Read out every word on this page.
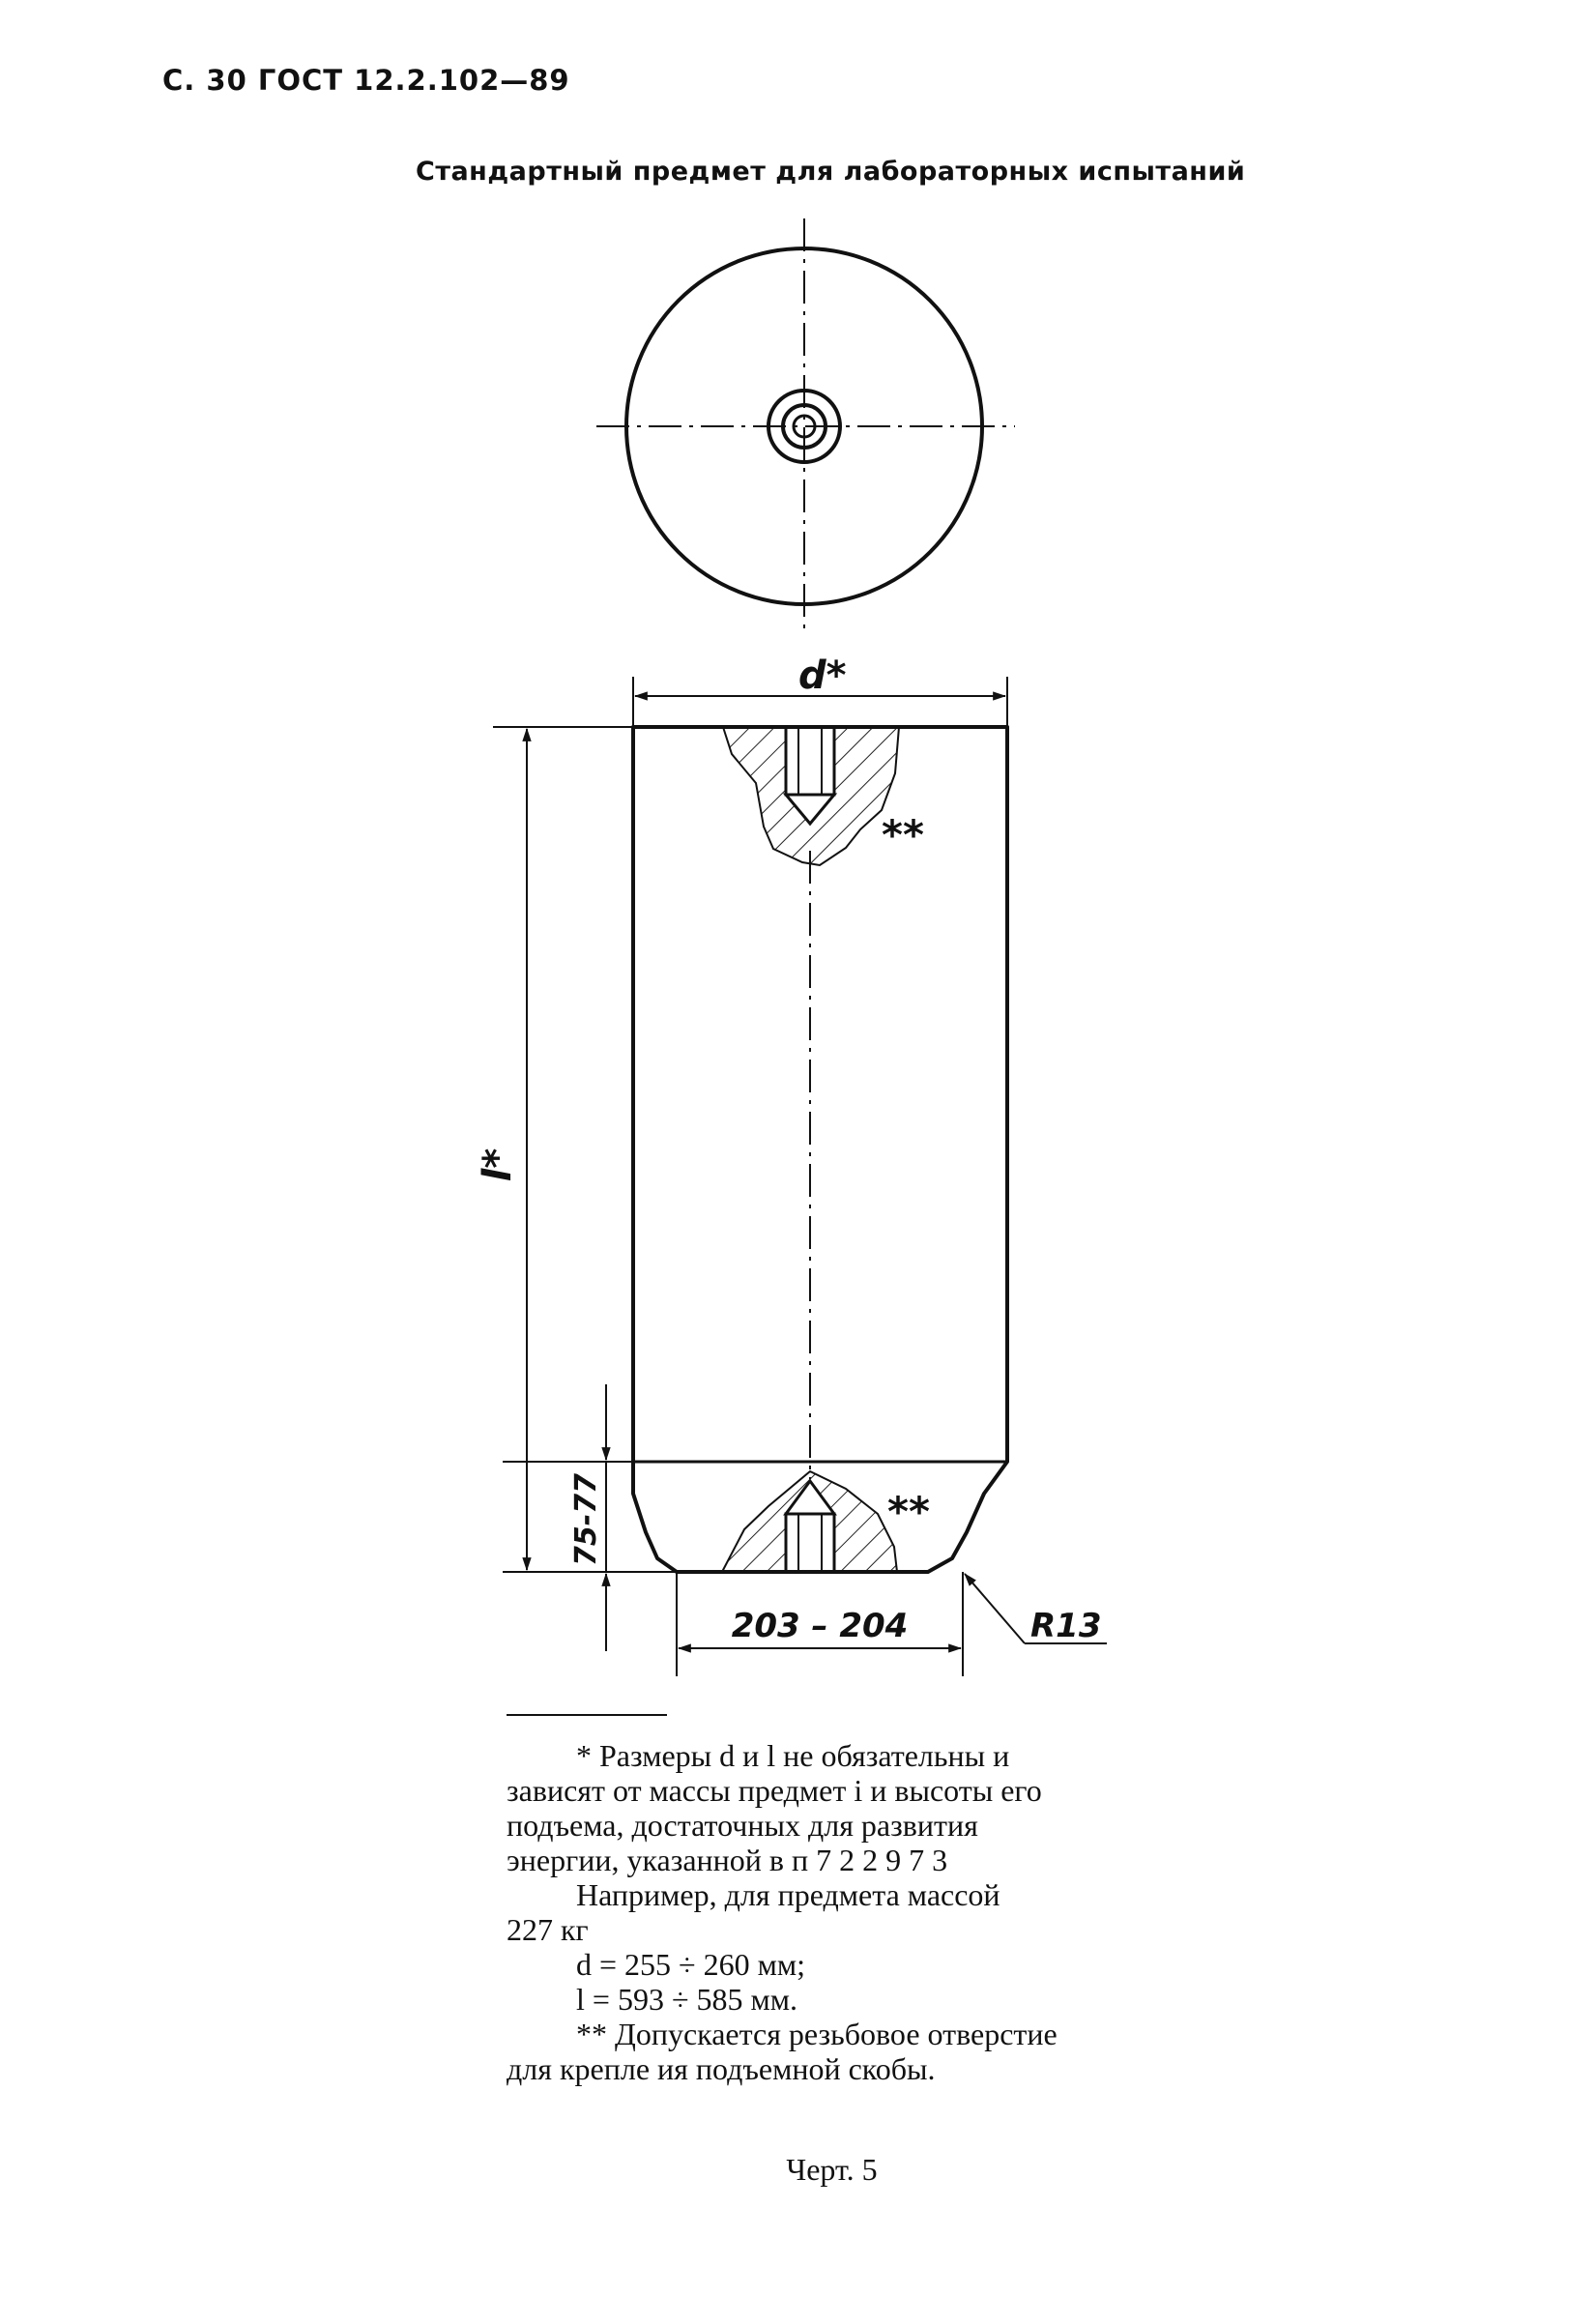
С. 30 ГОСТ 12.2.102—89
Стандартный предмет для лабораторных испытаний
d*
l*
75-77
203 – 204	R13
**
**

* Размеры d и l не обязательны и

зависят от массы предмет і и высоты его
подъема, достаточных для развития
энергии, указанной в п 7 2 2 9 7 3

Например, для предмета массой

227 кг

d = 255 ÷ 260 мм;
l = 593 ÷ 585 мм.

** Допускается резьбовое отверстие

для крепле ия подъемной скобы.

Черт. 5
